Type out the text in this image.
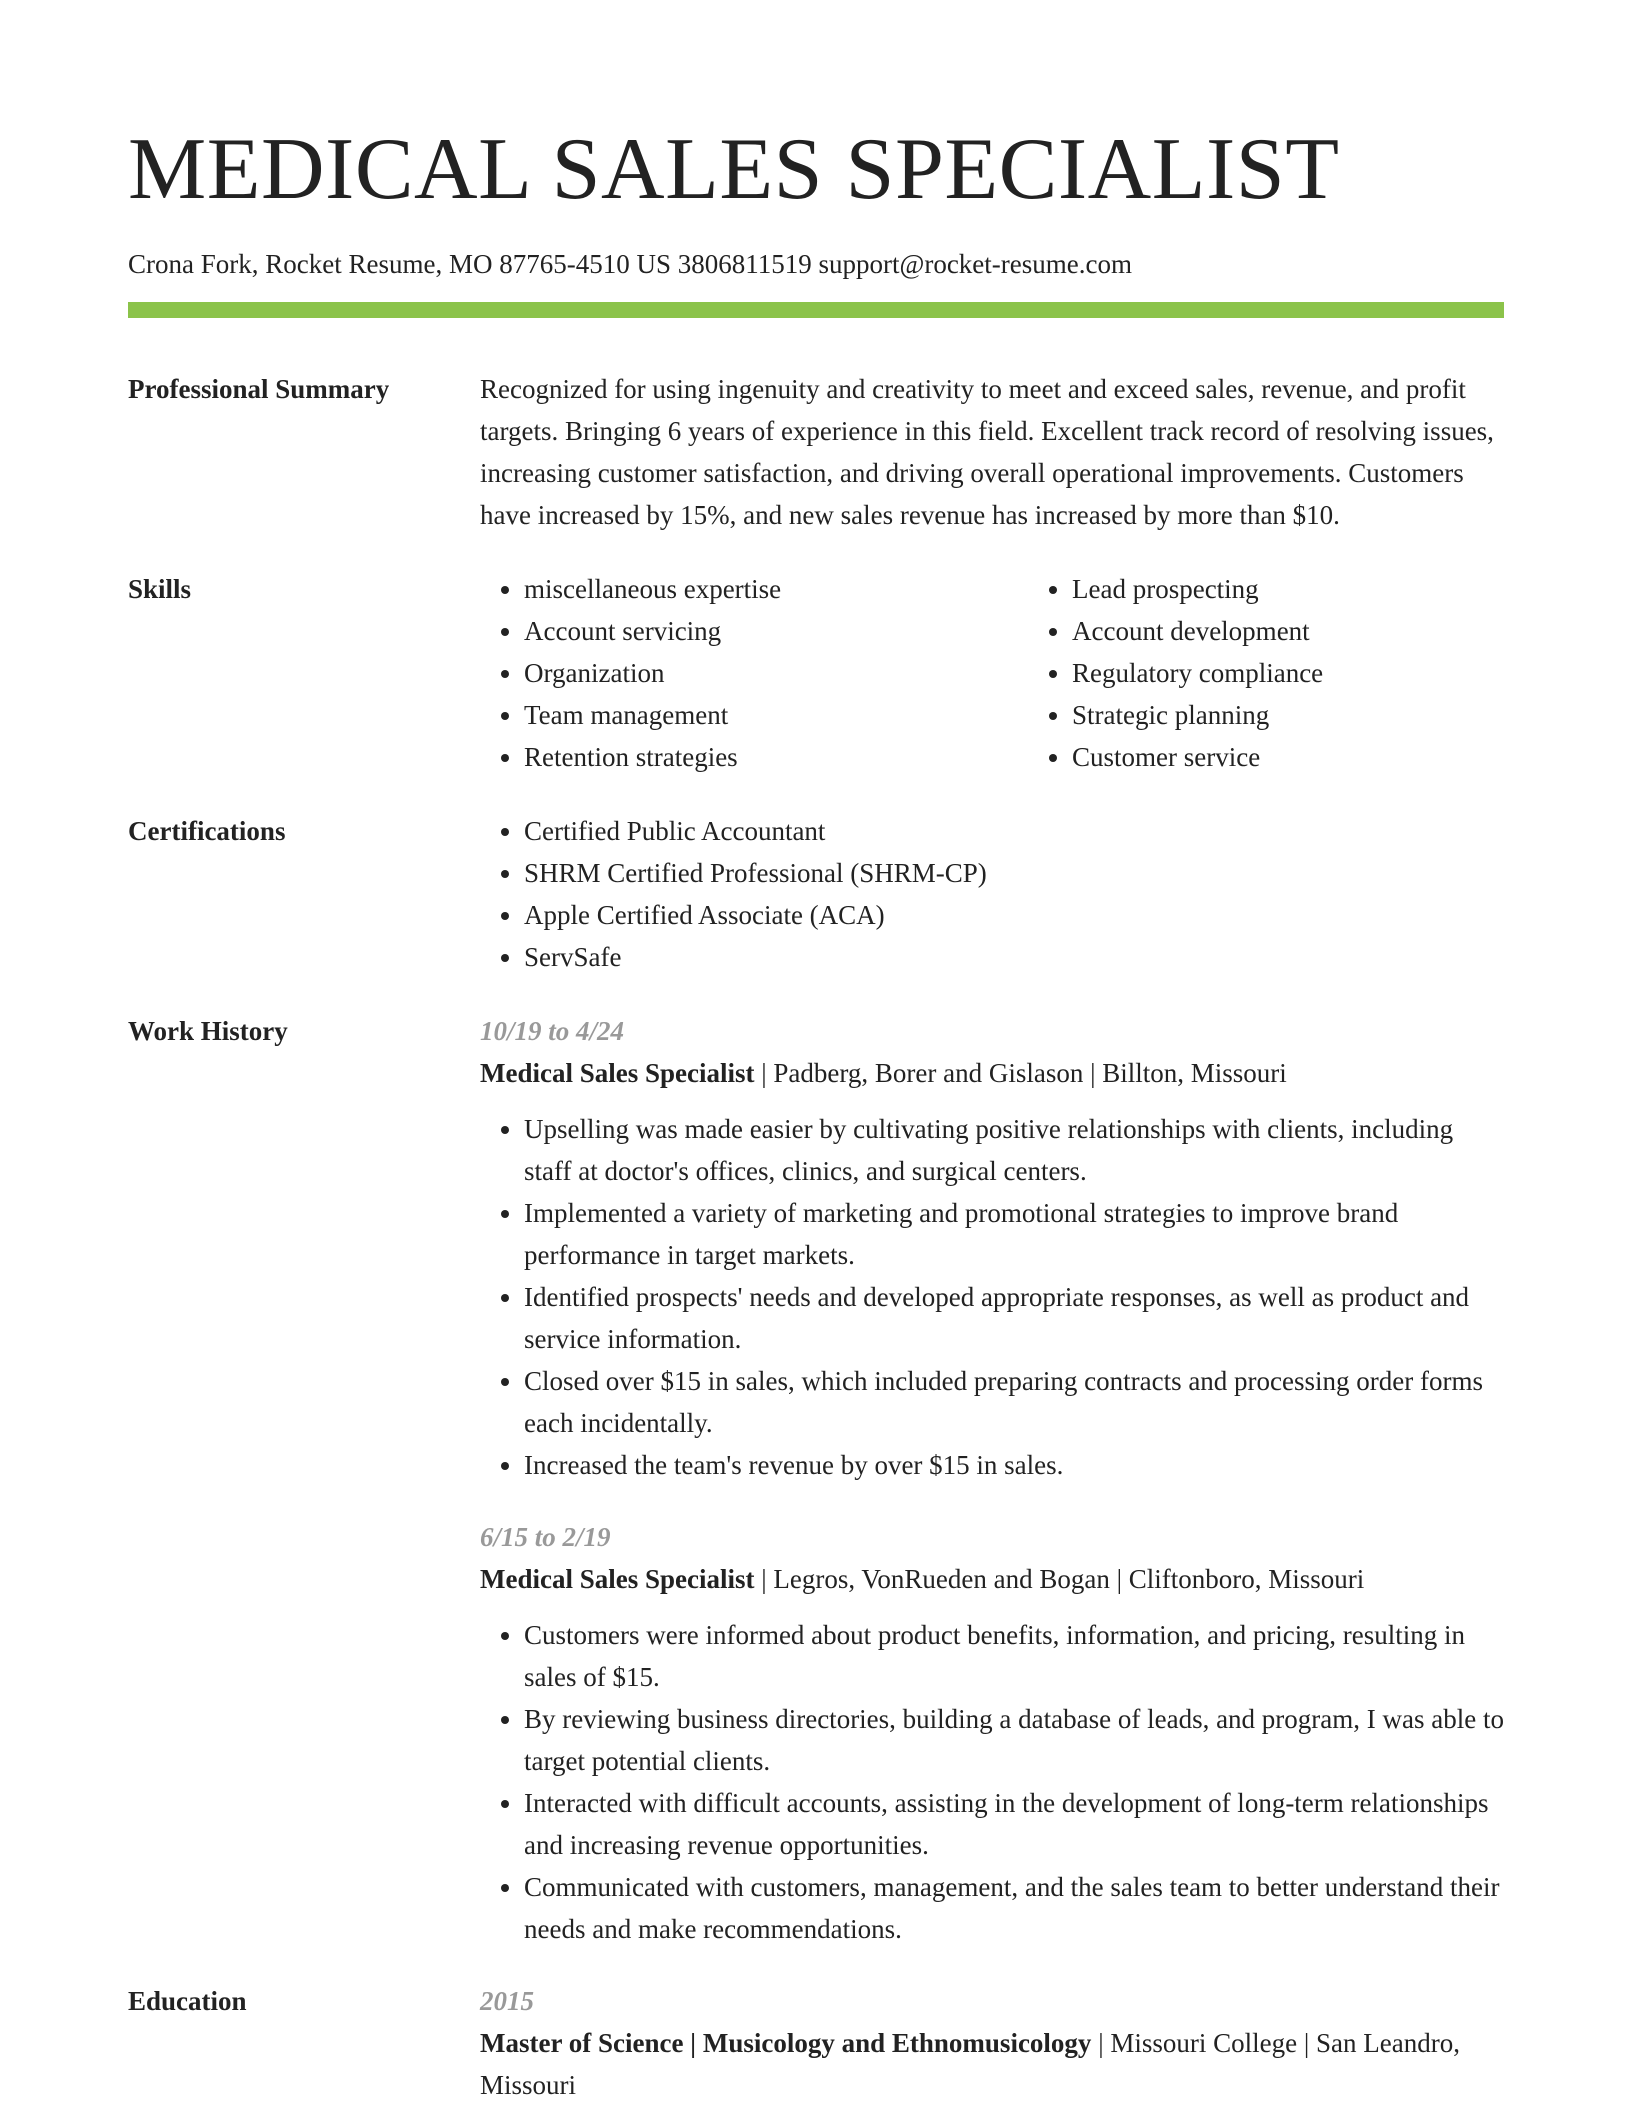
MEDICAL SALES SPECIALIST
Crona Fork, Rocket Resume, MO 87765-4510 US 3806811519 support@rocket-resume.com
Professional Summary	Recognized for using ingenuity and creativity to meet and exceed sales, revenue, and profit targets. Bringing 6 years of experience in this field. Excellent track record of resolving issues, increasing customer satisfaction, and driving overall operational improvements. Customers have increased by 15%, and new sales revenue has increased by more than $10.

Skills	• miscellaneous expertise
• Account servicing
• Organization
• Team management
• Retention strategies
• Lead prospecting
• Account development
• Regulatory compliance
• Strategic planning
• Customer service
Certifications	• Certified Public Accountant
• SHRM Certified Professional (SHRM-CP)
• Apple Certified Associate (ACA)
• ServSafe
Work History	10/19 to 4/24
Medical Sales Specialist | Padberg, Borer and Gislason | Billton, Missouri
• Upselling was made easier by cultivating positive relationships with clients, including staff at doctor's offices, clinics, and surgical centers.
• Implemented a variety of marketing and promotional strategies to improve brand performance in target markets.
• Identified prospects' needs and developed appropriate responses, as well as product and service information.
• Closed over $15 in sales, which included preparing contracts and processing order forms each incidentally.
• Increased the team's revenue by over $15 in sales.
6/15 to 2/19
Medical Sales Specialist | Legros, VonRueden and Bogan | Cliftonboro, Missouri
• Customers were informed about product benefits, information, and pricing, resulting in sales of $15.
• By reviewing business directories, building a database of leads, and program, I was able to target potential clients.
• Interacted with difficult accounts, assisting in the development of long-term relationships and increasing revenue opportunities.
• Communicated with customers, management, and the sales team to better understand their needs and make recommendations.
Education	2015
Master of Science | Musicology and Ethnomusicology | Missouri College | San Leandro, Missouri
